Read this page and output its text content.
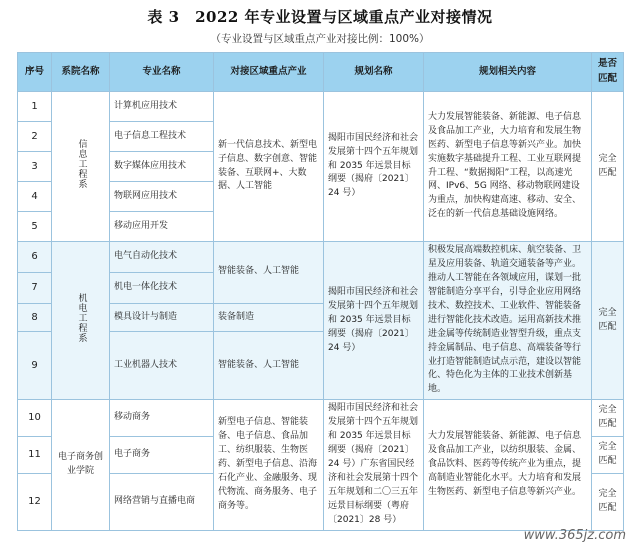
表 3　2022 年专业设置与区域重点产业对接情况
（专业设置与区域重点产业对接比例：100%）
序号	系院名称	专业名称	对接区域重点产业	规划名称	规划相关内容	是否匹配
1	信息工程系	计算机应用技术	新一代信息技术、新型电子信息、数字创意、智能装备、互联网+、大数据、人工智能	揭阳市国民经济和社会发展第十四个五年规划和 2035 年远景目标纲要（揭府〔2021〕24 号）	大力发展智能装备、新能源、电子信息及食品加工产业，大力培育和发展生物医药、新型电子信息等新兴产业。加快实施数字基础提升工程、工业互联网提升工程、“数据揭阳”工程，以高速光网、IPv6、5G 网络、移动物联网建设为重点，加快构建高速、移动、安全、泛在的新一代信息基础设施网络。	完全匹配
2		电子信息工程技术				
3		数字媒体应用技术				
4		物联网应用技术				
5		移动应用开发				
6	机电工程系	电气自动化技术	智能装备、人工智能	揭阳市国民经济和社会发展第十四个五年规划和 2035 年远景目标纲要（揭府〔2021〕24 号）	积极发展高端数控机床、航空装备、卫星及应用装备、轨道交通装备等产业。推动人工智能在各领域应用，谋划一批智能制造分享平台，引导企业应用网络技术、数控技术、工业软件、智能装备进行智能化技术改造。运用高新技术推进金属等传统制造业智型升级，重点支持金属制品、电子信息、高端装备等行业打造智能制造试点示范，建设以智能化、特色化为主体的工业技术创新基地。	完全匹配
7		机电一体化技术				
8		模具设计与制造	装备制造			
9		工业机器人技术	智能装备、人工智能			
10	电子商务创业学院	移动商务	新型电子信息、智能装备、电子信息、食品加工、纺织服装、生物医药、新型电子信息、沿海石化产业、金融服务、现代物流、商务服务、电子商务等。	揭阳市国民经济和社会发展第十四个五年规划和 2035 年远景目标纲要（揭府〔2021〕24 号）广东省国民经济和社会发展第十四个五年规划和二〇三五年远景目标纲要（粤府〔2021〕28 号）	大力发展智能装备、新能源、电子信息及食品加工产业，以纺织服装、金属、食品饮料、医药等传统产业为重点，提高制造业智能化水平。大力培育和发展生物医药、新型电子信息等新兴产业。	完全匹配
11		电子商务				完全匹配
12		网络营销与直播电商				完全匹配
www.365jz.com
